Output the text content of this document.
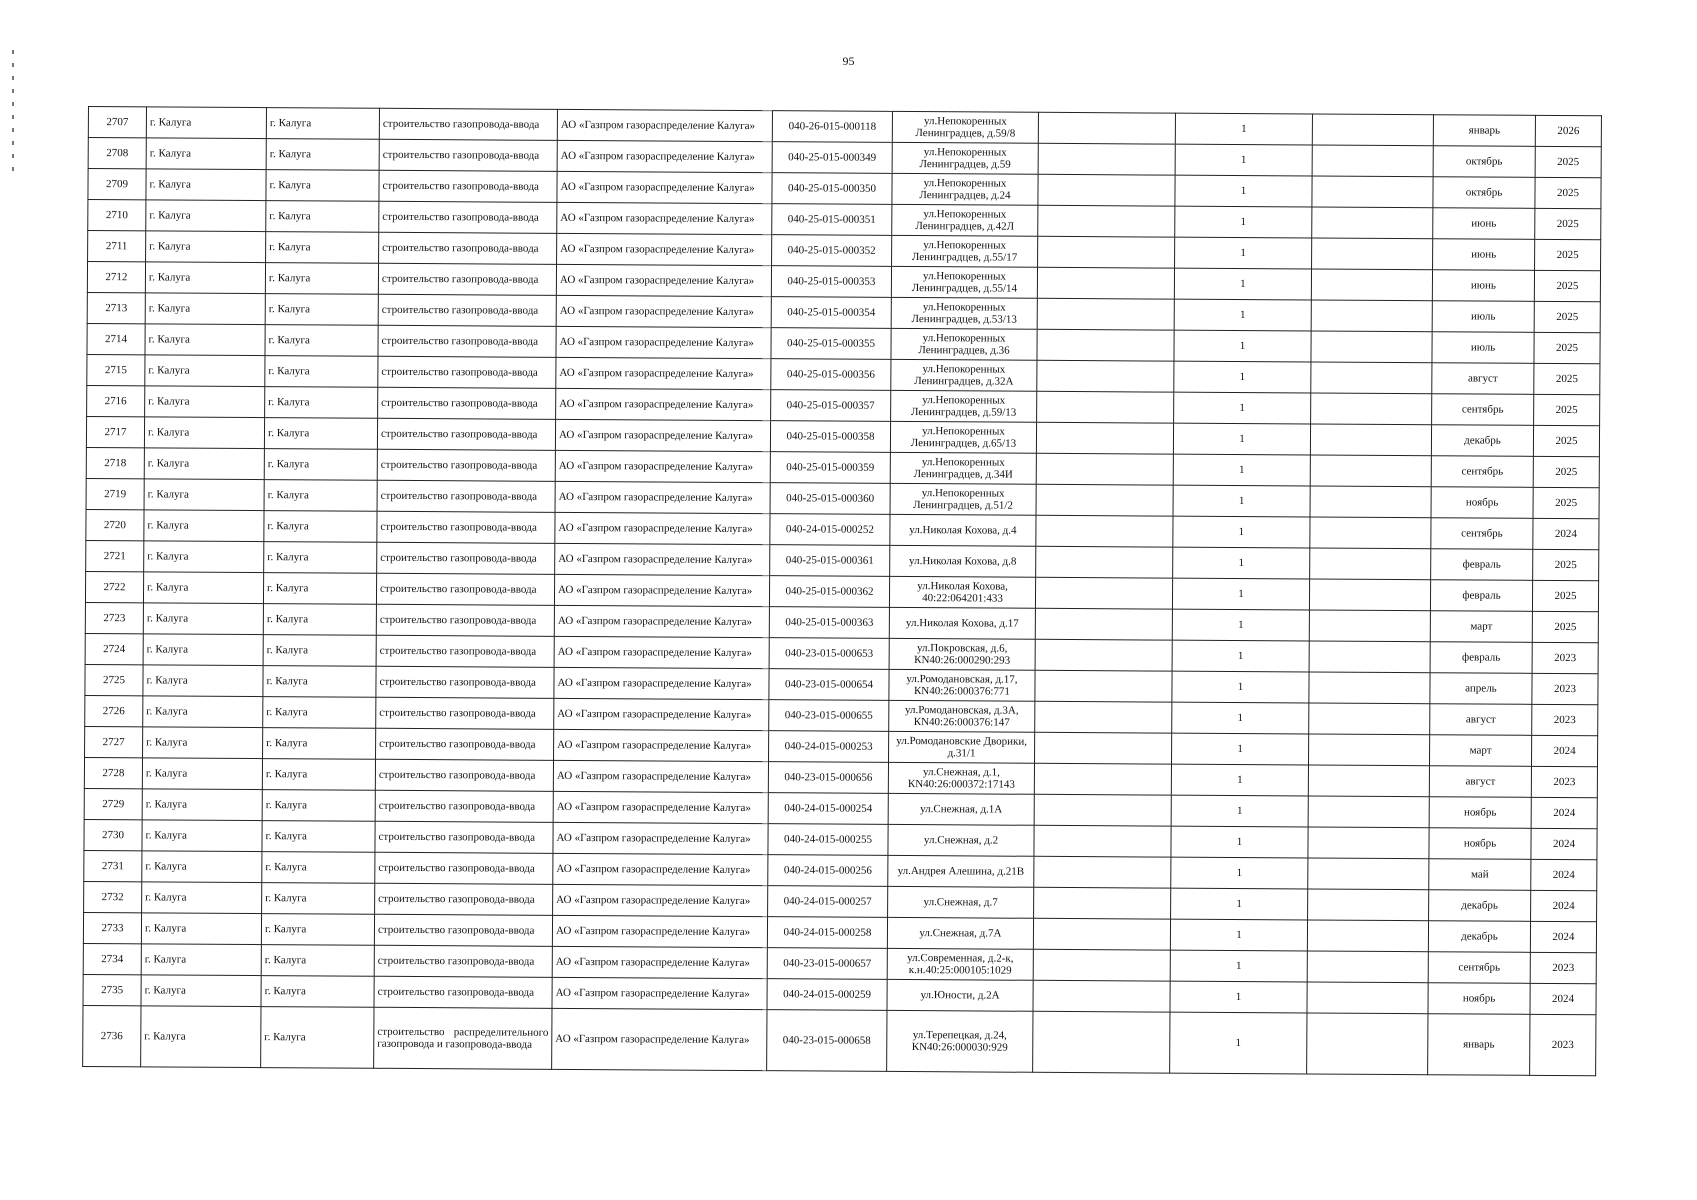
95
2707	г. Калуга	г. Калуга	строительство газопровода-ввода	АО «Газпром газораспределение Калуга»	040-26-015-000118	ул.Непокоренных Ленинградцев, д.59/8		1		январь	2026
2708	г. Калуга	г. Калуга	строительство газопровода-ввода	АО «Газпром газораспределение Калуга»	040-25-015-000349	ул.Непокоренных Ленинградцев, д.59		1		октябрь	2025
2709	г. Калуга	г. Калуга	строительство газопровода-ввода	АО «Газпром газораспределение Калуга»	040-25-015-000350	ул.Непокоренных Ленинградцев, д.24		1		октябрь	2025
2710	г. Калуга	г. Калуга	строительство газопровода-ввода	АО «Газпром газораспределение Калуга»	040-25-015-000351	ул.Непокоренных Ленинградцев, д.42Л		1		июнь	2025
2711	г. Калуга	г. Калуга	строительство газопровода-ввода	АО «Газпром газораспределение Калуга»	040-25-015-000352	ул.Непокоренных Ленинградцев, д.55/17		1		июнь	2025
2712	г. Калуга	г. Калуга	строительство газопровода-ввода	АО «Газпром газораспределение Калуга»	040-25-015-000353	ул.Непокоренных Ленинградцев, д.55/14		1		июнь	2025
2713	г. Калуга	г. Калуга	строительство газопровода-ввода	АО «Газпром газораспределение Калуга»	040-25-015-000354	ул.Непокоренных Ленинградцев, д.53/13		1		июль	2025
2714	г. Калуга	г. Калуга	строительство газопровода-ввода	АО «Газпром газораспределение Калуга»	040-25-015-000355	ул.Непокоренных Ленинградцев, д.36		1		июль	2025
2715	г. Калуга	г. Калуга	строительство газопровода-ввода	АО «Газпром газораспределение Калуга»	040-25-015-000356	ул.Непокоренных Ленинградцев, д.32А		1		август	2025
2716	г. Калуга	г. Калуга	строительство газопровода-ввода	АО «Газпром газораспределение Калуга»	040-25-015-000357	ул.Непокоренных Ленинградцев, д.59/13		1		сентябрь	2025
2717	г. Калуга	г. Калуга	строительство газопровода-ввода	АО «Газпром газораспределение Калуга»	040-25-015-000358	ул.Непокоренных Ленинградцев, д.65/13		1		декабрь	2025
2718	г. Калуга	г. Калуга	строительство газопровода-ввода	АО «Газпром газораспределение Калуга»	040-25-015-000359	ул.Непокоренных Ленинградцев, д.34И		1		сентябрь	2025
2719	г. Калуга	г. Калуга	строительство газопровода-ввода	АО «Газпром газораспределение Калуга»	040-25-015-000360	ул.Непокоренных Ленинградцев, д.51/2		1		ноябрь	2025
2720	г. Калуга	г. Калуга	строительство газопровода-ввода	АО «Газпром газораспределение Калуга»	040-24-015-000252	ул.Николая Кохова, д.4		1		сентябрь	2024
2721	г. Калуга	г. Калуга	строительство газопровода-ввода	АО «Газпром газораспределение Калуга»	040-25-015-000361	ул.Николая Кохова, д.8		1		февраль	2025
2722	г. Калуга	г. Калуга	строительство газопровода-ввода	АО «Газпром газораспределение Калуга»	040-25-015-000362	ул.Николая Кохова, 40:22:064201:433		1		февраль	2025
2723	г. Калуга	г. Калуга	строительство газопровода-ввода	АО «Газпром газораспределение Калуга»	040-25-015-000363	ул.Николая Кохова, д.17		1		март	2025
2724	г. Калуга	г. Калуга	строительство газопровода-ввода	АО «Газпром газораспределение Калуга»	040-23-015-000653	ул.Покровская, д.6, КN40:26:000290:293		1		февраль	2023
2725	г. Калуга	г. Калуга	строительство газопровода-ввода	АО «Газпром газораспределение Калуга»	040-23-015-000654	ул.Ромодановская, д.17, КN40:26:000376:771		1		апрель	2023
2726	г. Калуга	г. Калуга	строительство газопровода-ввода	АО «Газпром газораспределение Калуга»	040-23-015-000655	ул.Ромодановская, д.3А, КN40:26:000376:147		1		август	2023
2727	г. Калуга	г. Калуга	строительство газопровода-ввода	АО «Газпром газораспределение Калуга»	040-24-015-000253	ул.Ромодановские Дворики, д.31/1		1		март	2024
2728	г. Калуга	г. Калуга	строительство газопровода-ввода	АО «Газпром газораспределение Калуга»	040-23-015-000656	ул.Снежная, д.1, КN40:26:000372:17143		1		август	2023
2729	г. Калуга	г. Калуга	строительство газопровода-ввода	АО «Газпром газораспределение Калуга»	040-24-015-000254	ул.Снежная, д.1А		1		ноябрь	2024
2730	г. Калуга	г. Калуга	строительство газопровода-ввода	АО «Газпром газораспределение Калуга»	040-24-015-000255	ул.Снежная, д.2		1		ноябрь	2024
2731	г. Калуга	г. Калуга	строительство газопровода-ввода	АО «Газпром газораспределение Калуга»	040-24-015-000256	ул.Андрея Алешина, д.21В		1		май	2024
2732	г. Калуга	г. Калуга	строительство газопровода-ввода	АО «Газпром газораспределение Калуга»	040-24-015-000257	ул.Снежная, д.7		1		декабрь	2024
2733	г. Калуга	г. Калуга	строительство газопровода-ввода	АО «Газпром газораспределение Калуга»	040-24-015-000258	ул.Снежная, д.7А		1		декабрь	2024
2734	г. Калуга	г. Калуга	строительство газопровода-ввода	АО «Газпром газораспределение Калуга»	040-23-015-000657	ул.Современная, д.2-к, к.н.40:25:000105:1029		1		сентябрь	2023
2735	г. Калуга	г. Калуга	строительство газопровода-ввода	АО «Газпром газораспределение Калуга»	040-24-015-000259	ул.Юности, д.2А		1		ноябрь	2024
2736	г. Калуга	г. Калуга	строительство распределительного газопровода и газопровода-ввода	АО «Газпром газораспределение Калуга»	040-23-015-000658	ул.Терепецкая, д.24, КN40:26:000030:929		1		январь	2023
